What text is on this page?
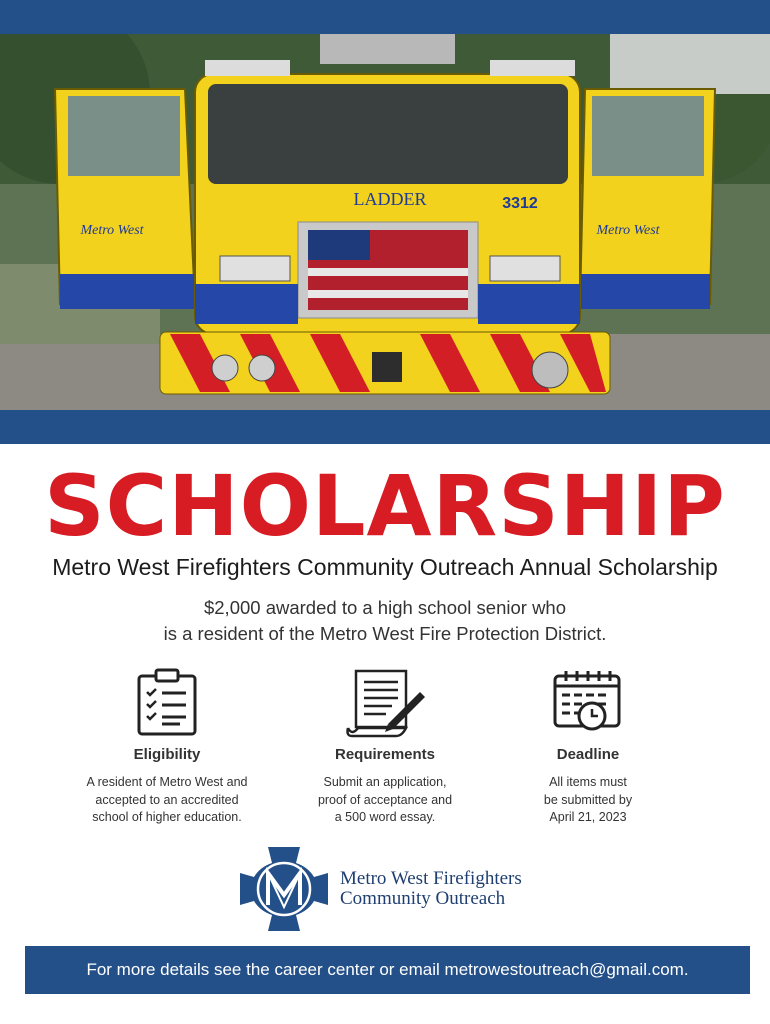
LADDER	3312
Metro West	Metro West
SCHOLARSHIP
Metro West Firefighters Community Outreach Annual Scholarship
$2,000 awarded to a high school senior who
is a resident of the Metro West Fire Protection District.
Eligibility

A resident of Metro West and
accepted to an accredited
school of higher education.

Requirements

Submit an application,
proof of acceptance and
a 500 word essay.

Deadline

All items must
be submitted by
April 21, 2023

Metro West Firefighters
Community Outreach
For more details see the career center or email metrowestoutreach@gmail.com.
